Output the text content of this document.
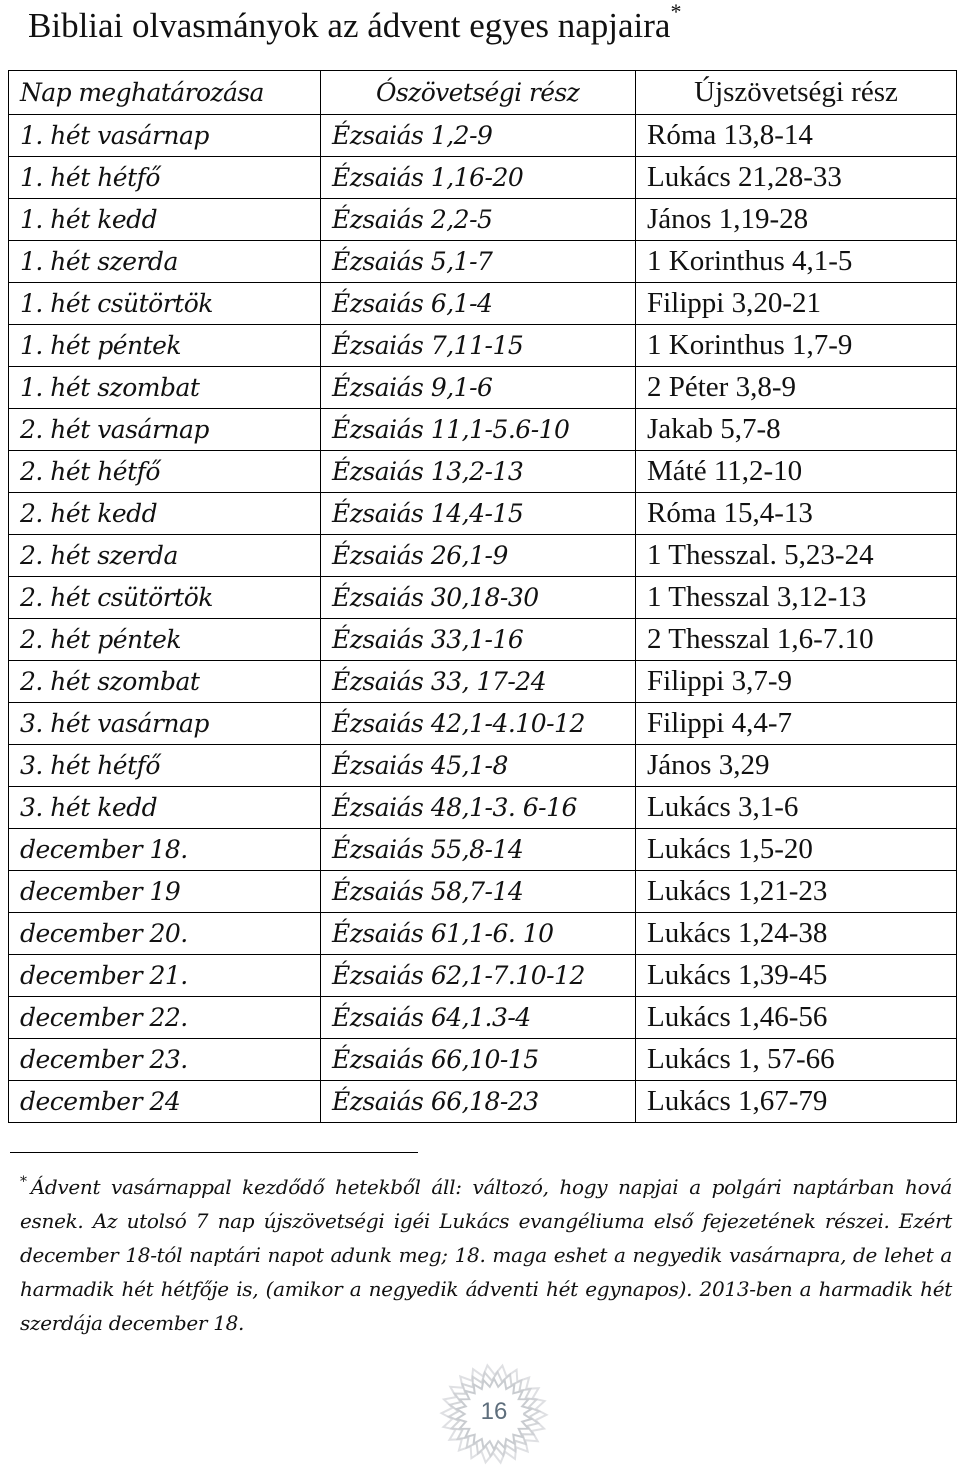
Bibliai olvasmányok az ádvent egyes napjaira*
Nap meghatározása	Ószövetségi rész	Újszövetségi rész
1. hét vasárnap	Ézsaiás 1,2-9	Róma 13,8-14
1. hét hétfő	Ézsaiás 1,16-20	Lukács 21,28-33
1. hét kedd	Ézsaiás 2,2-5	János 1,19-28
1. hét szerda	Ézsaiás 5,1-7	1 Korinthus 4,1-5
1. hét csütörtök	Ézsaiás 6,1-4	Filippi 3,20-21
1. hét péntek	Ézsaiás 7,11-15	1 Korinthus 1,7-9
1. hét szombat	Ézsaiás 9,1-6	2 Péter 3,8-9
2. hét vasárnap	Ézsaiás 11,1-5.6-10	Jakab 5,7-8
2. hét hétfő	Ézsaiás 13,2-13	Máté 11,2-10
2. hét kedd	Ézsaiás 14,4-15	Róma 15,4-13
2. hét szerda	Ézsaiás 26,1-9	1 Thesszal. 5,23-24
2. hét csütörtök	Ézsaiás 30,18-30	1 Thesszal 3,12-13
2. hét péntek	Ézsaiás 33,1-16	2 Thesszal 1,6-7.10
2. hét szombat	Ézsaiás 33, 17-24	Filippi 3,7-9
3. hét vasárnap	Ézsaiás 42,1-4.10-12	Filippi 4,4-7
3. hét hétfő	Ézsaiás 45,1-8	János 3,29
3. hét kedd	Ézsaiás 48,1-3. 6-16	Lukács 3,1-6
december 18.	Ézsaiás 55,8-14	Lukács 1,5-20
december 19	Ézsaiás 58,7-14	Lukács 1,21-23
december 20.	Ézsaiás 61,1-6. 10	Lukács 1,24-38
december 21.	Ézsaiás 62,1-7.10-12	Lukács 1,39-45
december 22.	Ézsaiás 64,1.3-4	Lukács 1,46-56
december 23.	Ézsaiás 66,10-15	Lukács 1, 57-66
december 24	Ézsaiás 66,18-23	Lukács 1,67-79
* Ádvent vasárnappal kezdődő hetekből áll: változó, hogy napjai a polgári naptárban hová esnek. Az utolsó 7 nap újszövetségi igéi Lukács evangéliuma első fejezetének részei. Ezért december 18-tól naptári napot adunk meg; 18. maga eshet a negyedik vasárnapra, de lehet a harmadik hét hétfője is, (amikor a negyedik ádventi hét egynapos). 2013-ben a harmadik hét szerdája december 18.
16
